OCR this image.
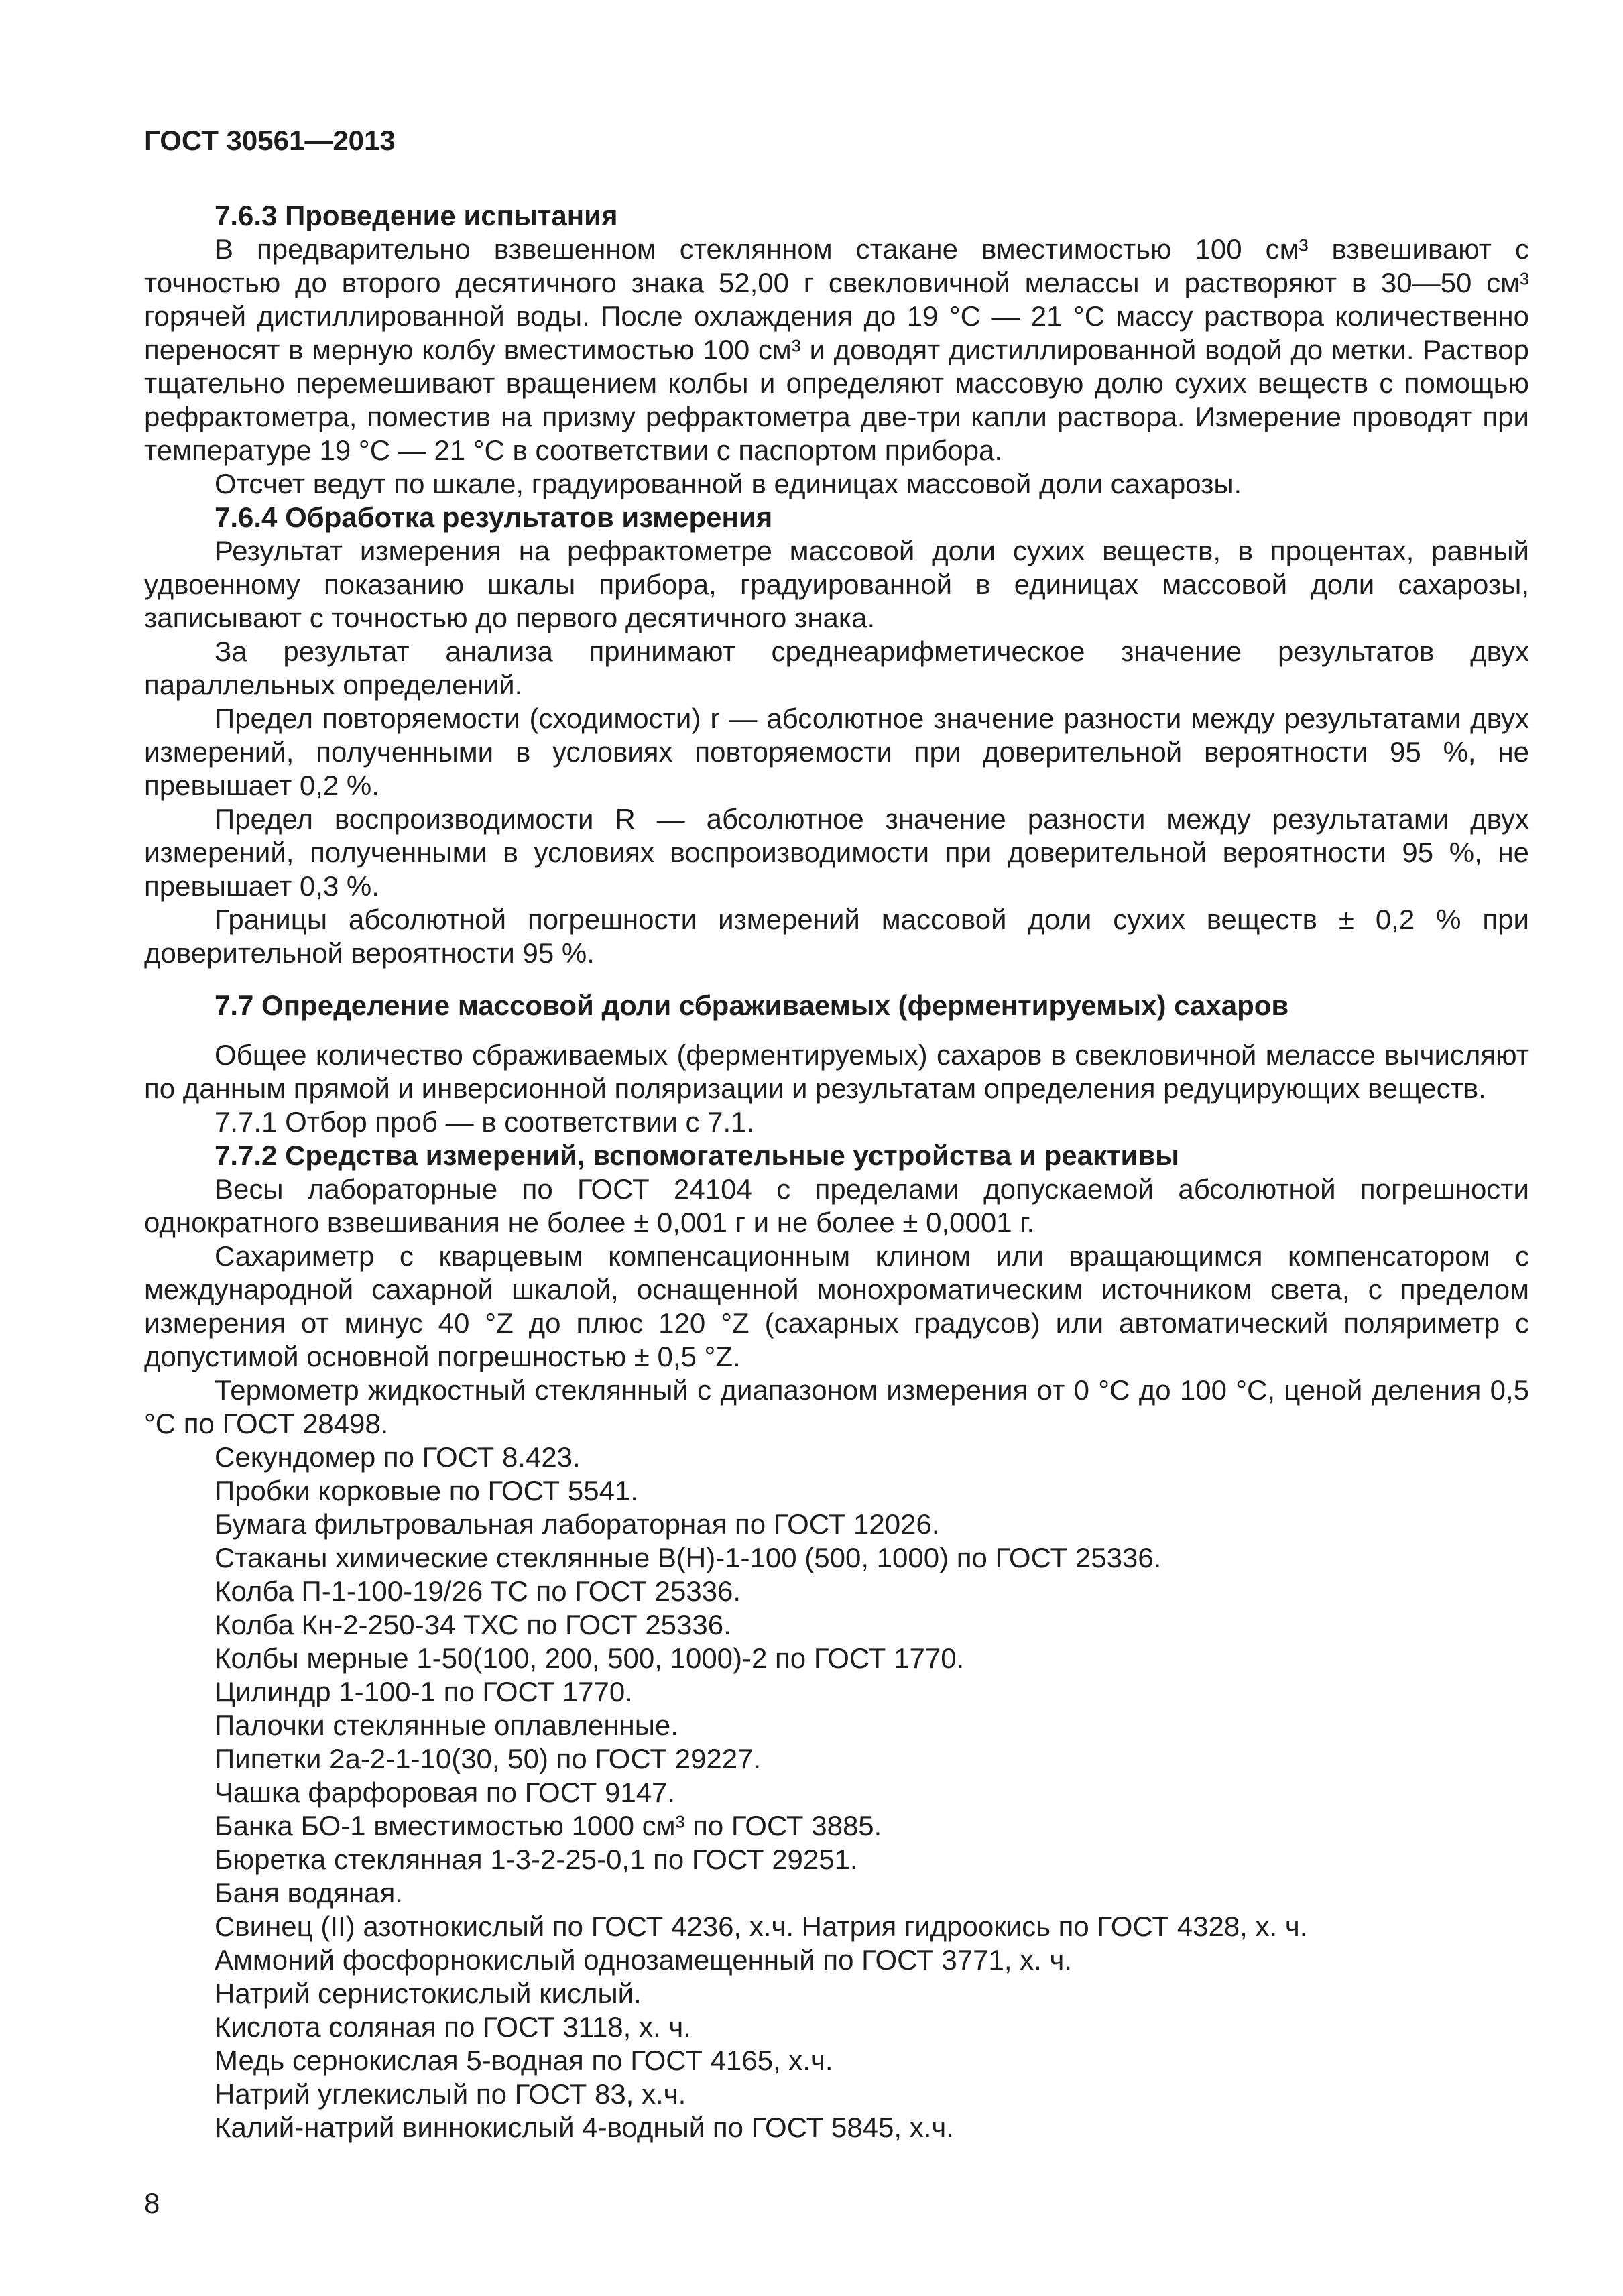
ГОСТ 30561—2013

7.6.3 Проведение испытания

В предварительно взвешенном стеклянном стакане вместимостью 100 см³ взвешивают с точностью до второго десятичного знака 52,00 г свекловичной мелассы и растворяют в 30—50 см³ горячей дистиллированной воды. После охлаждения до 19 °С — 21 °С массу раствора количественно переносят в мерную колбу вместимостью 100 см³ и доводят дистиллированной водой до метки. Раствор тщательно перемешивают вращением колбы и определяют массовую долю сухих веществ с помощью рефрактометра, поместив на призму рефрактометра две-три капли раствора. Измерение проводят при температуре 19 °С — 21 °С в соответствии с паспортом прибора.

Отсчет ведут по шкале, градуированной в единицах массовой доли сахарозы.

7.6.4 Обработка результатов измерения

Результат измерения на рефрактометре массовой доли сухих веществ, в процентах, равный удвоенному показанию шкалы прибора, градуированной в единицах массовой доли сахарозы, записывают с точностью до первого десятичного знака.

За результат анализа принимают среднеарифметическое значение результатов двух параллельных определений.

Предел повторяемости (сходимости) r — абсолютное значение разности между результатами двух измерений, полученными в условиях повторяемости при доверительной вероятности 95 %, не превышает 0,2 %.

Предел воспроизводимости R — абсолютное значение разности между результатами двух измерений, полученными в условиях воспроизводимости при доверительной вероятности 95 %, не превышает 0,3 %.

Границы абсолютной погрешности измерений массовой доли сухих веществ ± 0,2 % при доверительной вероятности 95 %.

7.7 Определение массовой доли сбраживаемых (ферментируемых) сахаров

Общее количество сбраживаемых (ферментируемых) сахаров в свекловичной мелассе вычисляют по данным прямой и инверсионной поляризации и результатам определения редуцирующих веществ.

7.7.1 Отбор проб — в соответствии с 7.1.

7.7.2 Средства измерений, вспомогательные устройства и реактивы

Весы лабораторные по ГОСТ 24104 с пределами допускаемой абсолютной погрешности однократного взвешивания не более ± 0,001 г и не более ± 0,0001 г.

Сахариметр с кварцевым компенсационным клином или вращающимся компенсатором с международной сахарной шкалой, оснащенной монохроматическим источником света, с пределом измерения от минус 40 °Z до плюс 120 °Z (сахарных градусов) или автоматический поляриметр с допустимой основной погрешностью ± 0,5 °Z.

Термометр жидкостный стеклянный с диапазоном измерения от 0 °С до 100 °С, ценой деления 0,5 °С по ГОСТ 28498.

Секундомер по ГОСТ 8.423.

Пробки корковые по ГОСТ 5541.

Бумага фильтровальная лабораторная по ГОСТ 12026.

Стаканы химические стеклянные В(Н)-1-100 (500, 1000) по ГОСТ 25336.

Колба П-1-100-19/26 ТС по ГОСТ 25336.

Колба Кн-2-250-34 ТХС по ГОСТ 25336.

Колбы мерные 1-50(100, 200, 500, 1000)-2 по ГОСТ 1770.

Цилиндр 1-100-1 по ГОСТ 1770.

Палочки стеклянные оплавленные.

Пипетки 2а-2-1-10(30, 50) по ГОСТ 29227.

Чашка фарфоровая по ГОСТ 9147.

Банка БО-1 вместимостью 1000 см³ по ГОСТ 3885.

Бюретка стеклянная 1-3-2-25-0,1 по ГОСТ 29251.

Баня водяная.

Свинец (II) азотнокислый по ГОСТ 4236, х.ч. Натрия гидроокись по ГОСТ 4328, х. ч.

Аммоний фосфорнокислый однозамещенный по ГОСТ 3771, х. ч.

Натрий сернистокислый кислый.

Кислота соляная по ГОСТ 3118, х. ч.

Медь сернокислая 5-водная по ГОСТ 4165, х.ч.

Натрий углекислый по ГОСТ 83, х.ч.

Калий-натрий виннокислый 4-водный по ГОСТ 5845, х.ч.

8
